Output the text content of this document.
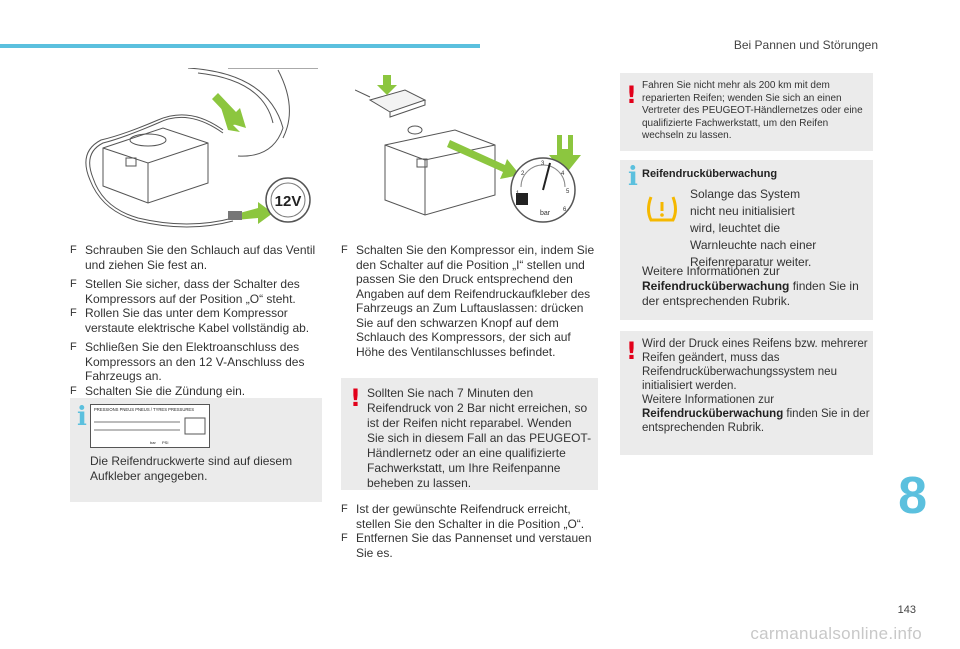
Bei Pannen und Störungen
12V	1
2
3
4
5
6
bar
F Schrauben Sie den Schlauch auf das Ventil und ziehen Sie fest an.
F Stellen Sie sicher, dass der Schalter des Kompressors auf der Position „O“ steht.
F Rollen Sie das unter dem Kompressor verstaute elektrische Kabel vollständig ab.
F Schließen Sie den Elektroanschluss des Kompressors an den 12 V-Anschluss des Fahrzeugs an.
F Schalten Sie die Zündung ein.
i PRESSIONS PNEUS PNEUS / TYRES PRESSURES
bar PSI
Die Reifendruckwerte sind auf diesem Aufkleber angegeben.
F Schalten Sie den Kompressor ein, indem Sie den Schalter auf die Position „I“ stellen und passen Sie den Druck entsprechend den Angaben auf dem Reifendruckaufkleber des Fahrzeugs an Zum Luftauslassen: drücken Sie auf den schwarzen Knopf auf dem Schlauch des Kompressors, der sich auf Höhe des Ventilanschlusses befindet.
! Sollten Sie nach 7 Minuten den Reifendruck von 2 Bar nicht erreichen, so ist der Reifen nicht reparabel. Wenden Sie sich in diesem Fall an das PEUGEOT-Händlernetz oder an eine qualifizierte Fachwerkstatt, um Ihre Reifenpanne beheben zu lassen.
F Ist der gewünschte Reifendruck erreicht, stellen Sie den Schalter in die Position „O“.
F Entfernen Sie das Pannenset und verstauen Sie es.
! Fahren Sie nicht mehr als 200 km mit dem reparierten Reifen; wenden Sie sich an einen Vertreter des PEUGEOT-Händlernetzes oder eine qualifizierte Fachwerkstatt, um den Reifen wechseln zu lassen.
i Reifendrucküberwachung
Solange das System nicht neu initialisiert wird, leuchtet die Warnleuchte nach einer Reifenreparatur weiter.
Weitere Informationen zur Reifendrucküberwachung finden Sie in der entsprechenden Rubrik.
! Wird der Druck eines Reifens bzw. mehrerer Reifen geändert, muss das Reifendrucküberwachungssystem neu initialisiert werden.
Weitere Informationen zur Reifendrucküberwachung finden Sie in der entsprechenden Rubrik.
8
143
carmanualsonline.info
